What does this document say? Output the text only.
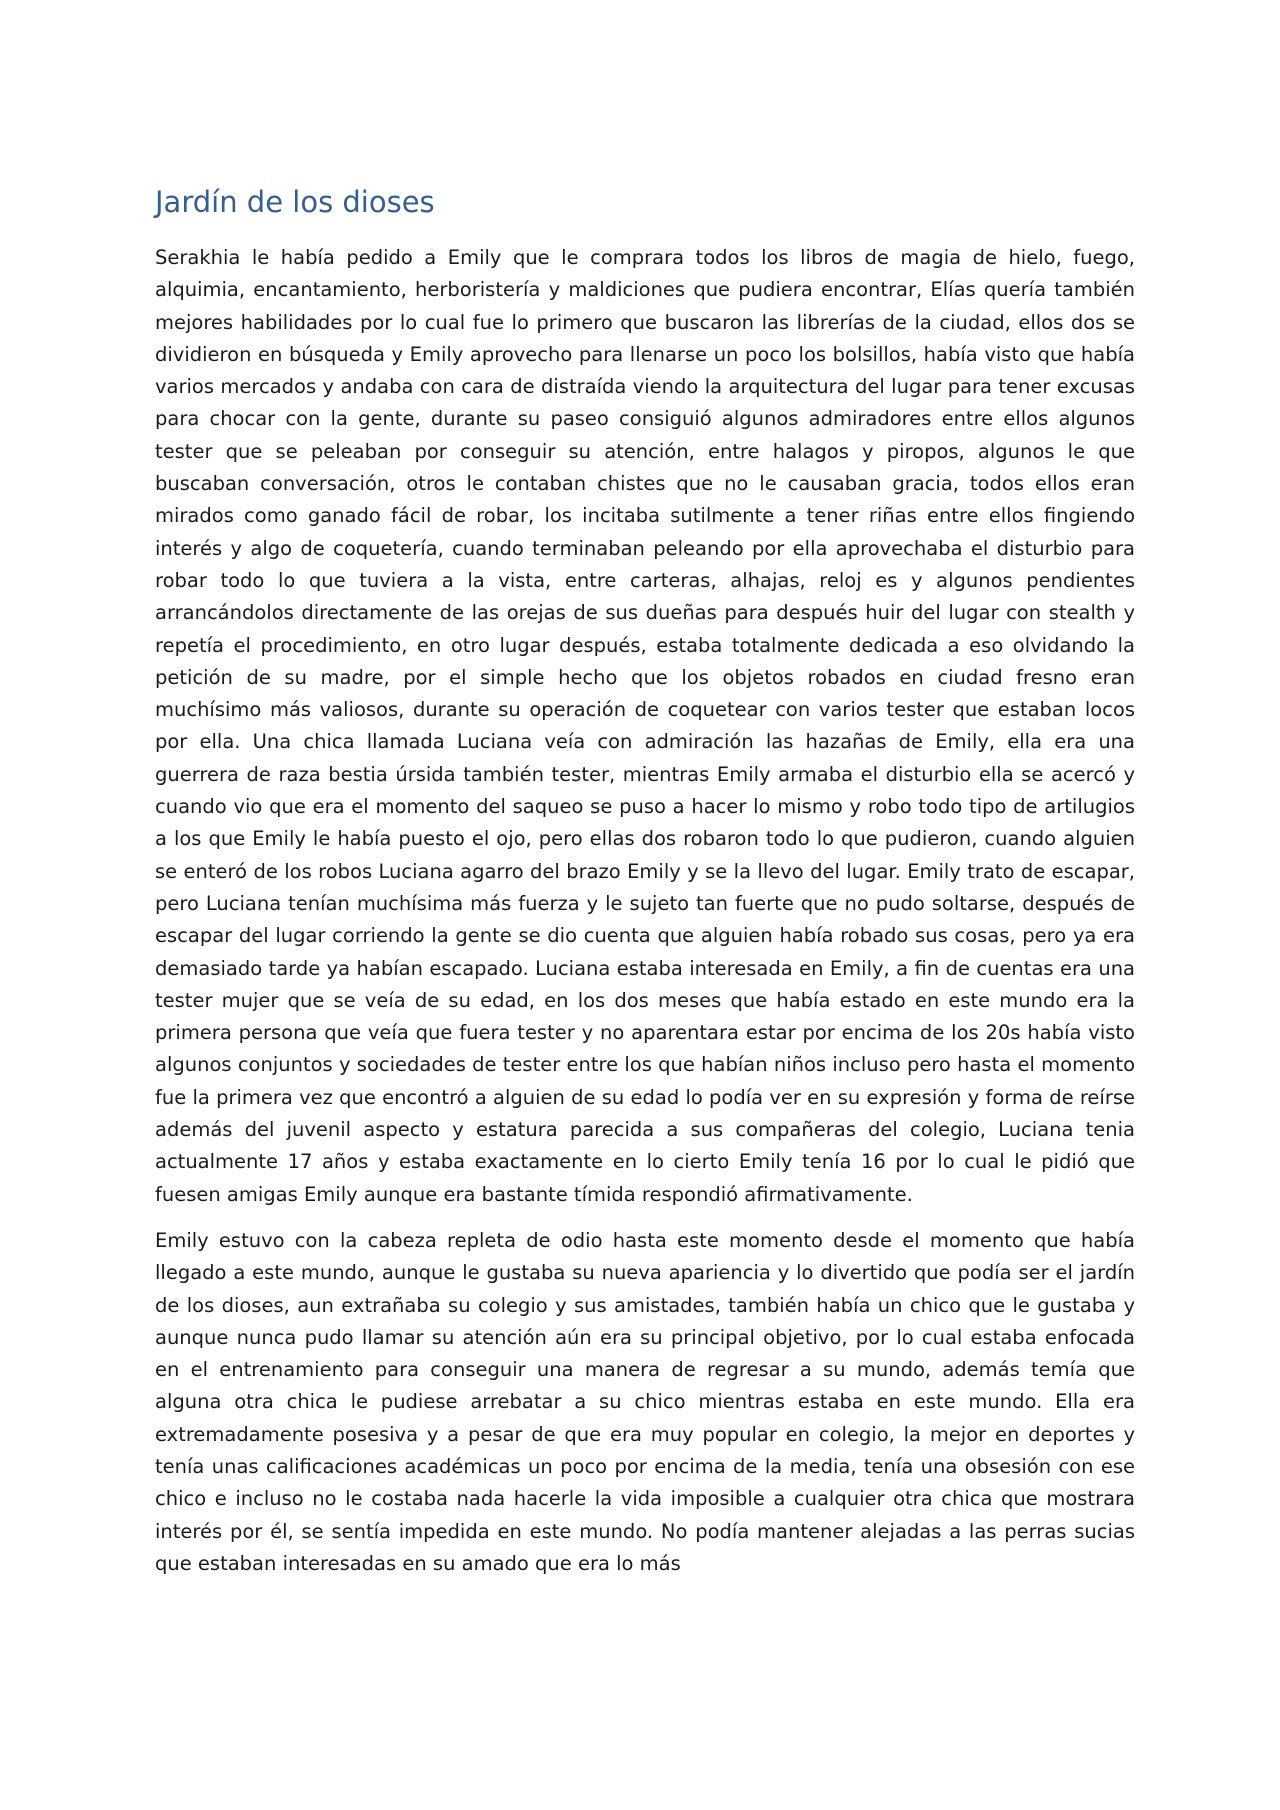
Jardín de los dioses

Serakhia le había pedido a Emily que le comprara todos los libros de magia de hielo, fuego, alquimia, encantamiento, herboristería y maldiciones que pudiera encontrar, Elías quería también mejores habilidades por lo cual fue lo primero que buscaron las librerías de la ciudad, ellos dos se dividieron en búsqueda y Emily aprovecho para llenarse un poco los bolsillos, había visto que había varios mercados y andaba con cara de distraída viendo la arquitectura del lugar para tener excusas para chocar con la gente, durante su paseo consiguió algunos admiradores entre ellos algunos tester que se peleaban por conseguir su atención, entre halagos y piropos, algunos le que buscaban conversación, otros le contaban chistes que no le causaban gracia, todos ellos eran mirados como ganado fácil de robar, los incitaba sutilmente a tener riñas entre ellos fingiendo interés y algo de coquetería, cuando terminaban peleando por ella aprovechaba el disturbio para robar todo lo que tuviera a la vista, entre carteras, alhajas, reloj es y algunos pendientes arrancándolos directamente de las orejas de sus dueñas para después huir del lugar con stealth y repetía el procedimiento, en otro lugar después, estaba totalmente dedicada a eso olvidando la petición de su madre, por el simple hecho que los objetos robados en ciudad fresno eran muchísimo más valiosos, durante su operación de coquetear con varios tester que estaban locos por ella. Una chica llamada Luciana veía con admiración las hazañas de Emily, ella era una guerrera de raza bestia úrsida también tester, mientras Emily armaba el disturbio ella se acercó y cuando vio que era el momento del saqueo se puso a hacer lo mismo y robo todo tipo de artilugios a los que Emily le había puesto el ojo, pero ellas dos robaron todo lo que pudieron, cuando alguien se enteró de los robos Luciana agarro del brazo Emily y se la llevo del lugar. Emily trato de escapar, pero Luciana tenían muchísima más fuerza y le sujeto tan fuerte que no pudo soltarse, después de escapar del lugar corriendo la gente se dio cuenta que alguien había robado sus cosas, pero ya era demasiado tarde ya habían escapado. Luciana estaba interesada en Emily, a fin de cuentas era una tester mujer que se veía de su edad, en los dos meses que había estado en este mundo era la primera persona que veía que fuera tester y no aparentara estar por encima de los 20s había visto algunos conjuntos y sociedades de tester entre los que habían niños incluso pero hasta el momento fue la primera vez que encontró a alguien de su edad lo podía ver en su expresión y forma de reírse además del juvenil aspecto y estatura parecida a sus compañeras del colegio, Luciana tenia actualmente 17 años y estaba exactamente en lo cierto Emily tenía 16 por lo cual le pidió que fuesen amigas Emily aunque era bastante tímida respondió afirmativamente.

Emily estuvo con la cabeza repleta de odio hasta este momento desde el momento que había llegado a este mundo, aunque le gustaba su nueva apariencia y lo divertido que podía ser el jardín de los dioses, aun extrañaba su colegio y sus amistades, también había un chico que le gustaba y aunque nunca pudo llamar su atención aún era su principal objetivo, por lo cual estaba enfocada en el entrenamiento para conseguir una manera de regresar a su mundo, además temía que alguna otra chica le pudiese arrebatar a su chico mientras estaba en este mundo. Ella era extremadamente posesiva y a pesar de que era muy popular en colegio, la mejor en deportes y tenía unas calificaciones académicas un poco por encima de la media, tenía una obsesión con ese chico e incluso no le costaba nada hacerle la vida imposible a cualquier otra chica que mostrara interés por él, se sentía impedida en este mundo. No podía mantener alejadas a las perras sucias que estaban interesadas en su amado que era lo más
